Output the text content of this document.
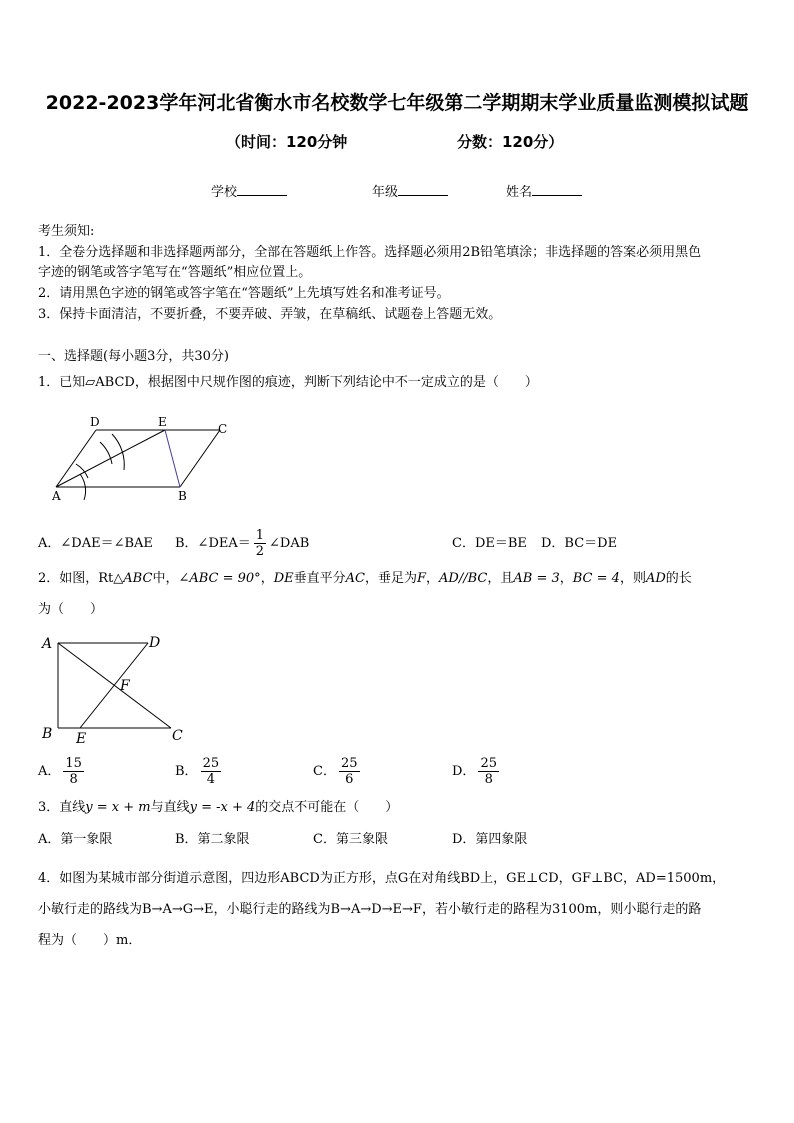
2022-2023学年河北省衡水市名校数学七年级第二学期期末学业质量监测模拟试题
（时间：120分钟	分数：120分）
学校	年级	姓名
考生须知:
1．全卷分选择题和非选择题两部分，全部在答题纸上作答。选择题必须用2B铅笔填涂；非选择题的答案必须用黑色
字迹的钢笔或答字笔写在“答题纸”相应位置上。
2．请用黑色字迹的钢笔或答字笔在“答题纸”上先填写姓名和准考证号。
3．保持卡面清洁，不要折叠，不要弄破、弄皱，在草稿纸、试题卷上答题无效。
一、选择题(每小题3分，共30分)
1．已知▱ABCD，根据图中尺规作图的痕迹，判断下列结论中不一定成立的是（　　）
A	B
C
D	E
A．∠DAE＝∠BAE B．∠DEA＝ $\frac{1}{2}$ ∠DAB	C．DE＝BE D．BC＝DE
2．如图，Rt△ABC中，∠ABC = 90°，DE垂直平分AC，垂足为F，AD//BC，且AB = 3，BC = 4，则AD的长
为（　　）
A
B	C
D
E
F
A． $\frac{15}{8}$	B． $\frac{25}{4}$	C． $\frac{25}{6}$	D． $\frac{25}{8}$
3．直线y = x + m与直线y = -x + 4的交点不可能在（　　）
A．第一象限	B．第二象限	C．第三象限	D．第四象限
4．如图为某城市部分街道示意图，四边形ABCD为正方形，点G在对角线BD上，GE⊥CD，GF⊥BC，AD=1500m，
小敏行走的路线为B→A→G→E，小聪行走的路线为B→A→D→E→F，若小敏行走的路程为3100m，则小聪行走的路
程为（　　）m．
